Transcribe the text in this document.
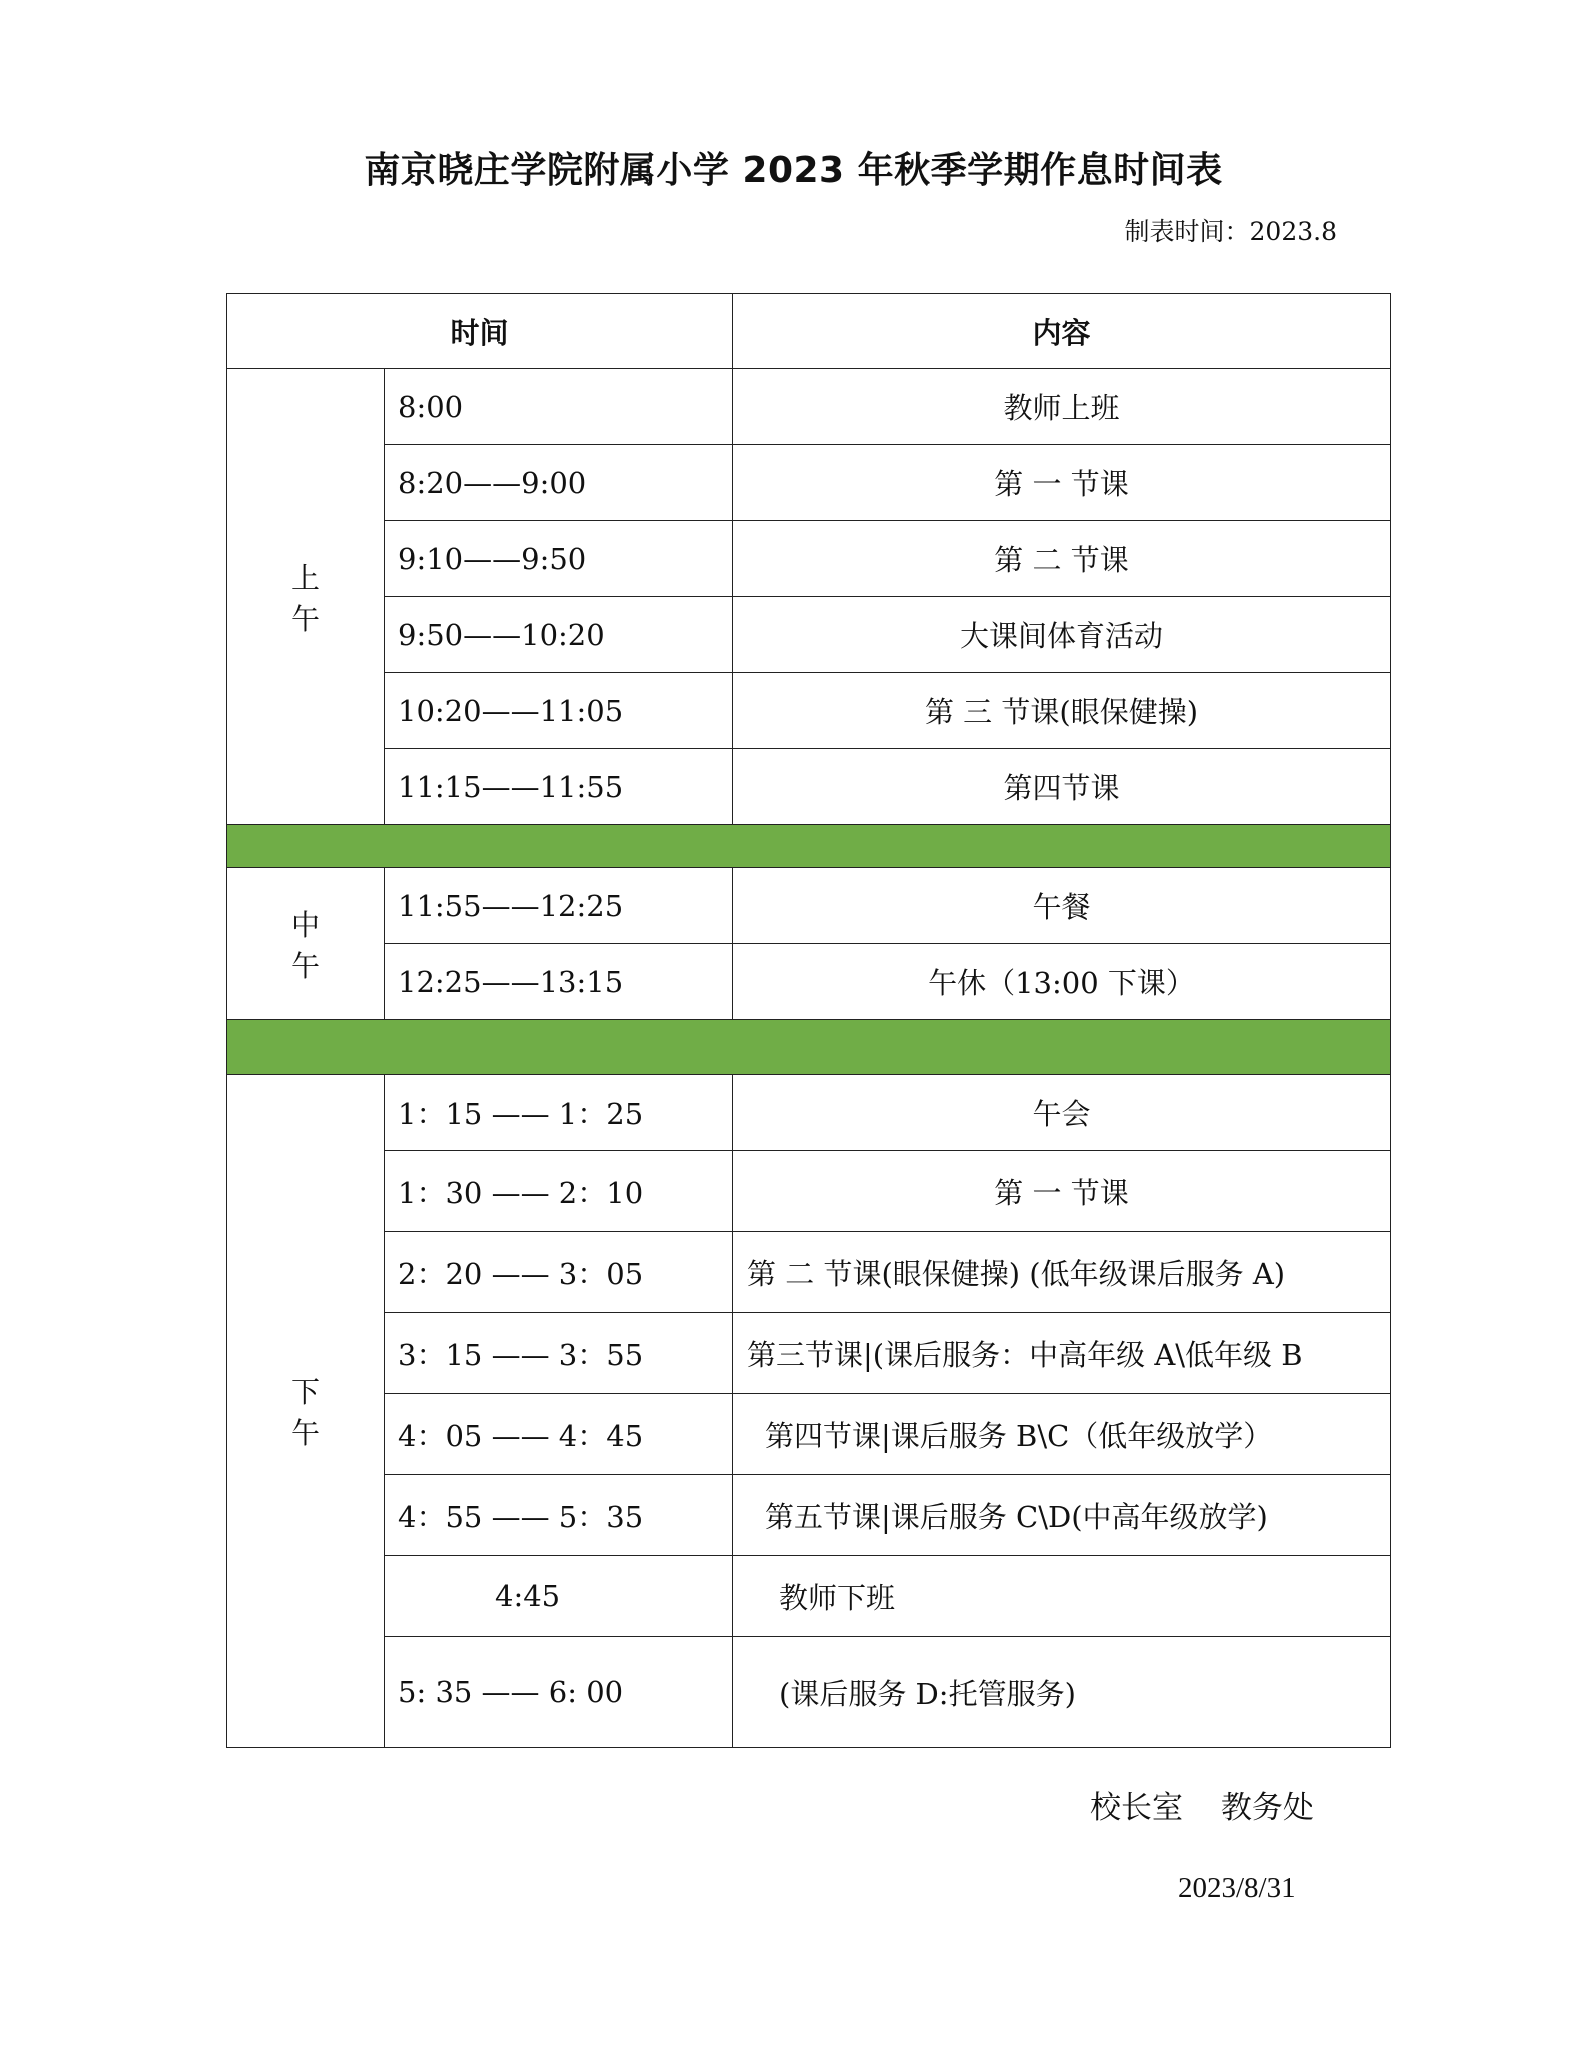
南京晓庄学院附属小学 2023 年秋季学期作息时间表
制表时间：2023.8
时间		内容
上 午	8:00	教师上班
	8:20——9:00	第 一 节课
	9:10——9:50	第 二 节课
	9:50——10:20	大课间体育活动
	10:20——11:05	第 三 节课(眼保健操)
	11:15——11:55	第四节课

中 午	11:55——12:25	午餐
	12:25——13:15	午休（13:00 下课）

下 午	1：15 —— 1：25	午会
	1：30 —— 2：10	第 一 节课
	2：20 —— 3：05	第 二 节课(眼保健操) (低年级课后服务 A)
	3：15 —— 3：55	第三节课|(课后服务：中高年级 A\低年级 B
	4：05 —— 4：45	第四节课|课后服务 B\C（低年级放学）
	4：55 —— 5：35	第五节课|课后服务 C\D(中高年级放学)
	4:45	教师下班
	5: 35 —— 6: 00	(课后服务 D:托管服务)
校长室 教务处
2023/8/31
